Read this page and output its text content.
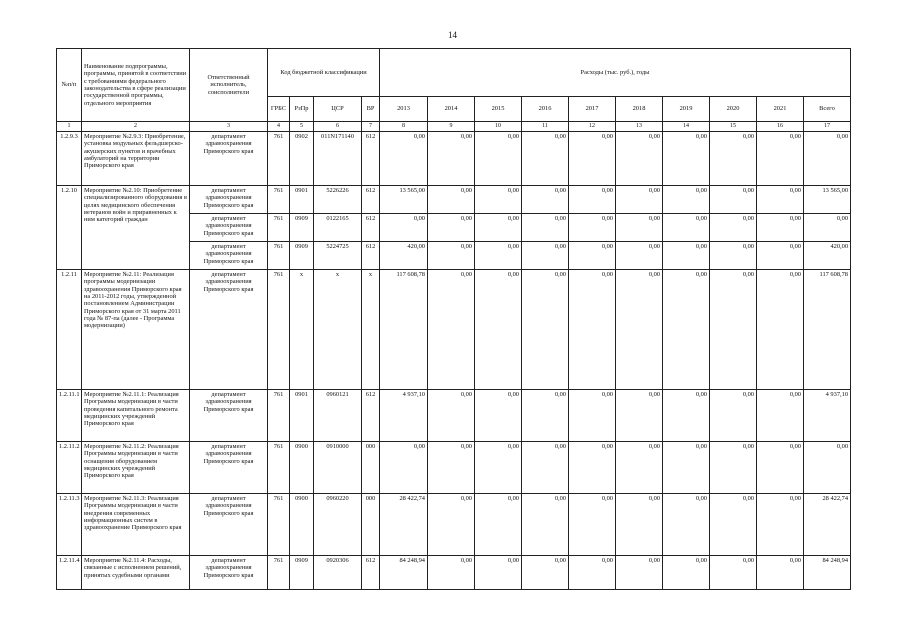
14
№п/п	Наименование подпрограммы, программы, принятой в соответствии с требованиями федерального законодательства в сфере реализации государственной программы, отдельного мероприятия	Ответственный исполнитель, соисполнители	Код бюджетной классификации				Расходы (тыс. руб.), годы									
			ГРБС	РзПр	ЦСР	ВР	2013	2014	2015	2016	2017	2018	2019	2020	2021	Всего
1	2	3	4	5	6	7	8	9	10	11	12	13	14	15	16	17
1.2.9.3	Мероприятие №2.9.3: Приобретение, установка модульных фельдшерско-акушерских пунктов и врачебных амбулаторий на территории Приморского края	департамент здравоохранения Приморского края	761	0902	011N171140	612	0,00	0,00	0,00	0,00	0,00	0,00	0,00	0,00	0,00	0,00
1.2.10	Мероприятие №2.10: Приобретение специализированного оборудования в целях медицинского обеспечения ветеранов войн и приравненных к ним категорий граждан	департамент здравоохранения Приморского края	761	0901	5226226	612	13 565,00	0,00	0,00	0,00	0,00	0,00	0,00	0,00	0,00	13 565,00
		департамент здравоохранения Приморского края	761	0909	0122165	612	0,00	0,00	0,00	0,00	0,00	0,00	0,00	0,00	0,00	0,00
		департамент здравоохранения Приморского края	761	0909	5224725	612	420,00	0,00	0,00	0,00	0,00	0,00	0,00	0,00	0,00	420,00
1.2.11	Мероприятие №2.11: Реализация программы модернизации здравоохранения Приморского края на 2011-2012 годы, утвержденной постановлением Администрации Приморского края от 31 марта 2011 года № 87-па (далее - Программа модернизации)	департамент здравоохранения Приморского края	761	x	x	x	117 608,78	0,00	0,00	0,00	0,00	0,00	0,00	0,00	0,00	117 608,78
1.2.11.1	Мероприятие №2.11.1: Реализация Программы модернизации в части проведения капитального ремонта медицинских учреждений Приморского края	департамент здравоохранения Приморского края	761	0901	0960121	612	4 937,10	0,00	0,00	0,00	0,00	0,00	0,00	0,00	0,00	4 937,10
1.2.11.2	Мероприятие №2.11.2: Реализация Программы модернизации в части оснащения оборудованием медицинских учреждений Приморского края	департамент здравоохранения Приморского края	761	0900	0910000	000	0,00	0,00	0,00	0,00	0,00	0,00	0,00	0,00	0,00	0,00
1.2.11.3	Мероприятие №2.11.3: Реализация Программы модернизации в части внедрения современных информационных систем в здравоохранение Приморского края	департамент здравоохранения Приморского края	761	0900	0960220	000	28 422,74	0,00	0,00	0,00	0,00	0,00	0,00	0,00	0,00	28 422,74
1.2.11.4	Мероприятие №2.11.4: Расходы, связанные с исполнением решений, принятых судебными органами	департамент здравоохранения Приморского края	761	0909	0920306	612	84 248,94	0,00	0,00	0,00	0,00	0,00	0,00	0,00	0,00	84 248,94
